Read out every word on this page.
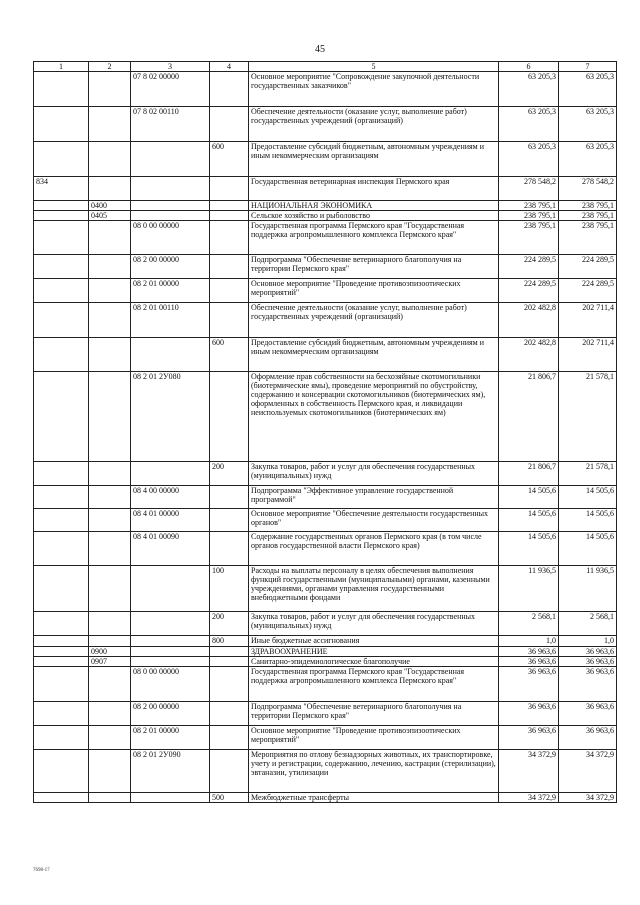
45
1	2	3	4	5	6	7
		07 8 02 00000		Основное мероприятие "Сопровождение закупочной деятельности государственных заказчиков"	63 205,3	63 205,3
		07 8 02 00110		Обеспечение деятельности (оказание услуг, выполнение работ) государственных учреждений (организаций)	63 205,3	63 205,3
			600	Предоставление субсидий бюджетным, автономным учреждениям и иным некоммерческим организациям	63 205,3	63 205,3
834				Государственная ветеринарная инспекция Пермского края	278 548,2	278 548,2
	0400			НАЦИОНАЛЬНАЯ ЭКОНОМИКА	238 795,1	238 795,1
	0405			Сельское хозяйство и рыболовство	238 795,1	238 795,1
		08 0 00 00000		Государственная программа Пермского края "Государственная поддержка агропромышленного комплекса Пермского края"	238 795,1	238 795,1
		08 2 00 00000		Подпрограмма "Обеспечение ветеринарного благополучия на территории Пермского края"	224 289,5	224 289,5
		08 2 01 00000		Основное мероприятие "Проведение противоэпизоотических мероприятий"	224 289,5	224 289,5
		08 2 01 00110		Обеспечение деятельности (оказание услуг, выполнение работ) государственных учреждений (организаций)	202 482,8	202 711,4
			600	Предоставление субсидий бюджетным, автономным учреждениям и иным некоммерческим организациям	202 482,8	202 711,4
		08 2 01 2У080		Оформление прав собственности на бесхозяйные скотомогильники (биотермические ямы), проведение мероприятий по обустройству, содержанию и консервации скотомогильников (биотермических ям), оформленных в собственность Пермского края, и ликвидации неиспользуемых скотомогильников (биотермических ям)	21 806,7	21 578,1
			200	Закупка товаров, работ и услуг для обеспечения государственных (муниципальных) нужд	21 806,7	21 578,1
		08 4 00 00000		Подпрограмма "Эффективное управление государственной программой"	14 505,6	14 505,6
		08 4 01 00000		Основное мероприятие "Обеспечение деятельности государственных органов"	14 505,6	14 505,6
		08 4 01 00090		Содержание государственных органов Пермского края (в том числе органов государственной власти Пермского края)	14 505,6	14 505,6
			100	Расходы на выплаты персоналу в целях обеспечения выполнения функций государственными (муниципальными) органами, казенными учреждениями, органами управления государственными внебюджетными фондами	11 936,5	11 936,5
			200	Закупка товаров, работ и услуг для обеспечения государственных (муниципальных) нужд	2 568,1	2 568,1
			800	Иные бюджетные ассигнования	1,0	1,0
	0900			ЗДРАВООХРАНЕНИЕ	36 963,6	36 963,6
	0907			Санитарно-эпидемиологическое благополучие	36 963,6	36 963,6
		08 0 00 00000		Государственная программа Пермского края "Государственная поддержка агропромышленного комплекса Пермского края"	36 963,6	36 963,6
		08 2 00 00000		Подпрограмма "Обеспечение ветеринарного благополучия на территории Пермского края"	36 963,6	36 963,6
		08 2 01 00000		Основное мероприятие "Проведение противоэпизоотических мероприятий"	36 963,6	36 963,6
		08 2 01 2У090		Мероприятия по отлову безнадзорных животных, их транспортировке, учету и регистрации, содержанию, лечению, кастрации (стерилизации), эвтаназии, утилизации	34 372,9	34 372,9
			500	Межбюджетные трансферты	34 372,9	34 372,9
7698-17
